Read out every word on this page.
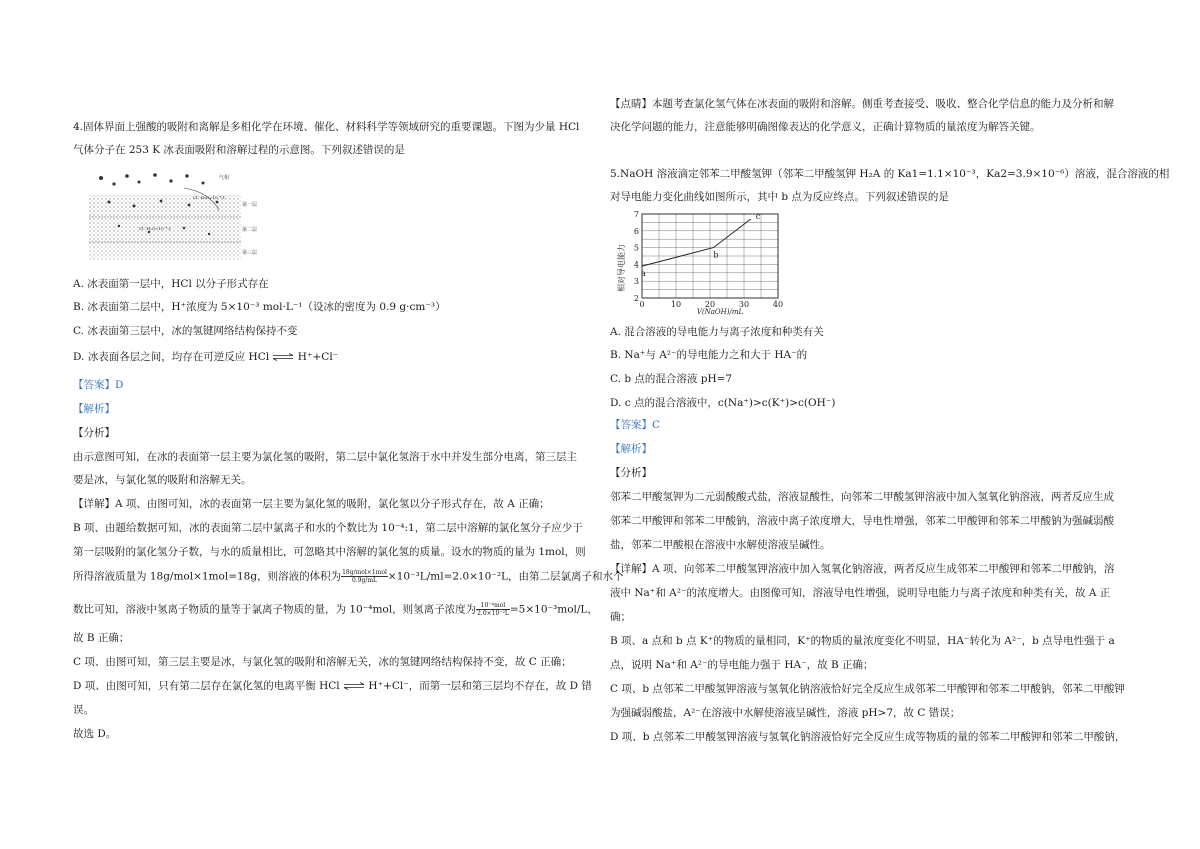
4.固体界面上强酸的吸附和离解是多相化学在环境、催化、材料科学等领域研究的重要课题。下图为少量 HCl
气体分子在 253 K 冰表面吸附和溶解过程的示意图。下列叙述错误的是
气相
第一层
第二层
第三层
Cl⁻:H₂O=10⁻⁴:1
Cl⁻:H₂O=10⁻⁴:1
A. 冰表面第一层中，HCl 以分子形式存在
B. 冰表面第二层中，H⁺浓度为 5×10⁻³ mol·L⁻¹（设冰的密度为 0.9 g·cm⁻³）
C. 冰表面第三层中，冰的氢键网络结构保持不变
D. 冰表面各层之间，均存在可逆反应 HCl ⇌ H⁺+Cl⁻
【答案】D
【解析】
【分析】
由示意图可知，在冰的表面第一层主要为氯化氢的吸附，第二层中氯化氢溶于水中并发生部分电离，第三层主
要是冰，与氯化氢的吸附和溶解无关。
【详解】A 项、由图可知，冰的表面第一层主要为氯化氢的吸附，氯化氢以分子形式存在，故 A 正确；
B 项、由题给数据可知，冰的表面第二层中氯离子和水的个数比为 10⁻⁴:1，第二层中溶解的氯化氢分子应少于
第一层吸附的氯化氢分子数，与水的质量相比，可忽略其中溶解的氯化氢的质量。设水的物质的量为 1mol，则
所得溶液质量为 18g/mol×1mol=18g，则溶液的体积为 $\frac{\text{18g/mol×1mol}}{0.9g/mL} \times 10^{-3}L/ml=2.0\times 10^{-2}L$，由第二层氯离子和水个
数比可知，溶液中氢离子物质的量等于氯离子物质的量，为 10⁻⁴mol，则氢离子浓度为 $\frac{\text{10⁻⁴mol}}{\text{2.0×10⁻²L}} =5\times 10^{-3}mol/L$，
故 B 正确；
C 项、由图可知，第三层主要是冰，与氯化氢的吸附和溶解无关，冰的氢键网络结构保持不变，故 C 正确；
D 项、由图可知，只有第二层存在氯化氢的电离平衡 HCl ⇌ H⁺+Cl⁻，而第一层和第三层均不存在，故 D 错
误。
故选 D。
【点睛】本题考查氯化氢气体在冰表面的吸附和溶解。侧重考查接受、吸收、整合化学信息的能力及分析和解
决化学问题的能力，注意能够明确图像表达的化学意义，正确计算物质的量浓度为解答关键。
5.NaOH 溶液滴定邻苯二甲酸氢钾（邻苯二甲酸氢钾 H₂A 的 Ka1=1.1×10⁻³，Ka2=3.9×10⁻⁶）溶液，混合溶液的相
对导电能力变化曲线如图所示，其中 b 点为反应终点。下列叙述错误的是
0	10	20	30	40
2
3
4
5
6
7
a
b
c
相对导电能力
V(NaOH)/mL
A. 混合溶液的导电能力与离子浓度和种类有关
B. Na⁺与 A²⁻的导电能力之和大于 HA⁻的
C. b 点的混合溶液 pH=7
D. c 点的混合溶液中，c(Na⁺)>c(K⁺)>c(OH⁻)
【答案】C
【解析】
【分析】
邻苯二甲酸氢钾为二元弱酸酸式盐，溶液显酸性，向邻苯二甲酸氢钾溶液中加入氢氧化钠溶液，两者反应生成
邻苯二甲酸钾和邻苯二甲酸钠，溶液中离子浓度增大，导电性增强，邻苯二甲酸钾和邻苯二甲酸钠为强碱弱酸
盐，邻苯二甲酸根在溶液中水解使溶液呈碱性。
【详解】A 项、向邻苯二甲酸氢钾溶液中加入氢氧化钠溶液，两者反应生成邻苯二甲酸钾和邻苯二甲酸钠，溶
液中 Na⁺和 A²⁻的浓度增大。由图像可知，溶液导电性增强，说明导电能力与离子浓度和种类有关，故 A 正
确；
B 项、a 点和 b 点 K⁺的物质的量相同，K⁺的物质的量浓度变化不明显，HA⁻转化为 A²⁻，b 点导电性强于 a
点，说明 Na⁺和 A²⁻的导电能力强于 HA⁻，故 B 正确；
C 项、b 点邻苯二甲酸氢钾溶液与氢氧化钠溶液恰好完全反应生成邻苯二甲酸钾和邻苯二甲酸钠，邻苯二甲酸钾
为强碱弱酸盐，A²⁻在溶液中水解使溶液呈碱性，溶液 pH>7，故 C 错误；
D 项、b 点邻苯二甲酸氢钾溶液与氢氧化钠溶液恰好完全反应生成等物质的量的邻苯二甲酸钾和邻苯二甲酸钠，
